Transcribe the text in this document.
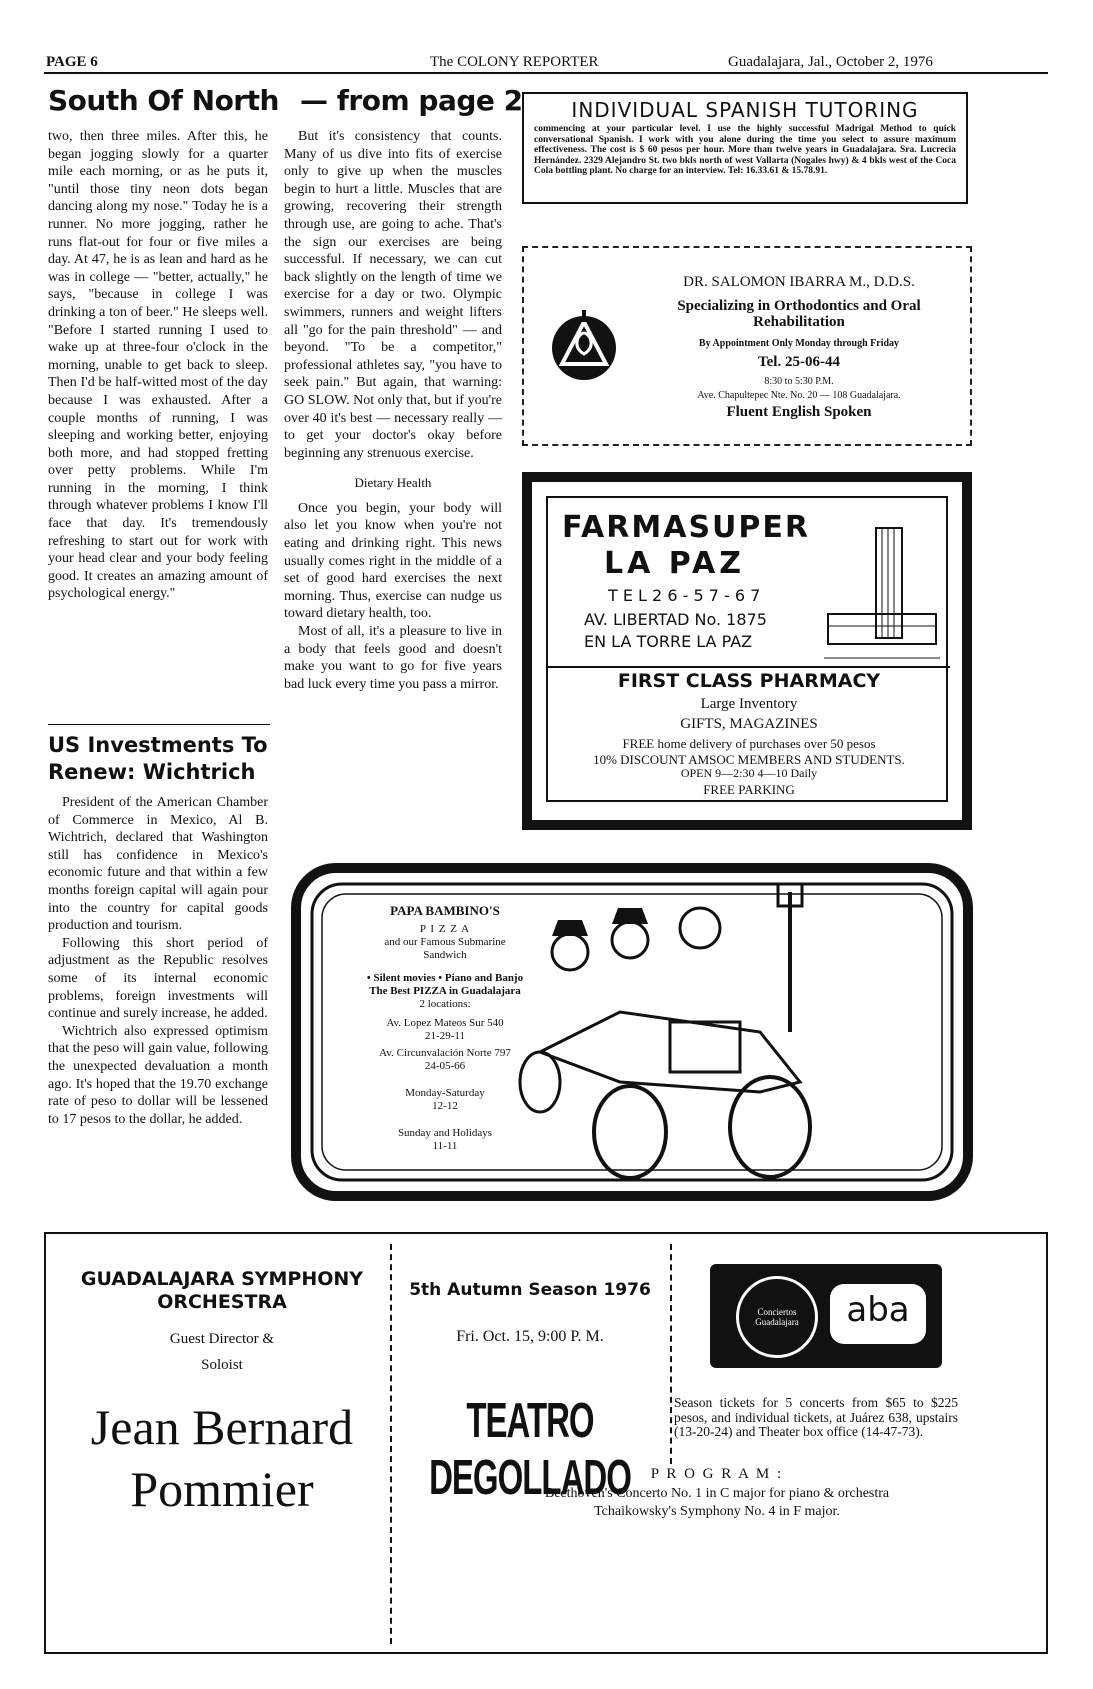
PAGE 6	The COLONY REPORTER	Guadalajara, Jal., October 2, 1976
South Of North — from page 2

two, then three miles. After this, he began jogging slowly for a quarter mile each morning, or as he puts it, "until those tiny neon dots began dancing along my nose." Today he is a runner. No more jogging, rather he runs flat-out for four or five miles a day. At 47, he is as lean and hard as he was in college — "better, actually," he says, "because in college I was drinking a ton of beer." He sleeps well. "Before I started running I used to wake up at three-four o'clock in the morning, unable to get back to sleep. Then I'd be half-witted most of the day because I was exhausted. After a couple months of running, I was sleeping and working better, enjoying both more, and had stopped fretting over petty problems. While I'm running in the morning, I think through whatever problems I know I'll face that day. It's tremendously refreshing to start out for work with your head clear and your body feeling good. It creates an amazing amount of psychological energy."

US Investments To Renew: Wichtrich

President of the American Chamber of Commerce in Mexico, Al B. Wichtrich, declared that Washington still has confidence in Mexico's economic future and that within a few months foreign capital will again pour into the country for capital goods production and tourism.

Following this short period of adjustment as the Republic resolves some of its internal economic problems, foreign investments will continue and surely increase, he added.

Wichtrich also expressed optimism that the peso will gain value, following the unexpected devaluation a month ago. It's hoped that the 19.70 exchange rate of peso to dollar will be lessened to 17 pesos to the dollar, he added.

But it's consistency that counts. Many of us dive into fits of exercise only to give up when the muscles begin to hurt a little. Muscles that are growing, recovering their strength through use, are going to ache. That's the sign our exercises are being successful. If necessary, we can cut back slightly on the length of time we exercise for a day or two. Olympic swimmers, runners and weight lifters all "go for the pain threshold" — and beyond. "To be a competitor," professional athletes say, "you have to seek pain." But again, that warning: GO SLOW. Not only that, but if you're over 40 it's best — necessary really — to get your doctor's okay before beginning any strenuous exercise.

Dietary Health

Once you begin, your body will also let you know when you're not eating and drinking right. This news usually comes right in the middle of a set of good hard exercises the next morning. Thus, exercise can nudge us toward dietary health, too.

Most of all, it's a pleasure to live in a body that feels good and doesn't make you want to go for five years bad luck every time you pass a mirror.

INDIVIDUAL SPANISH TUTORING
commencing at your particular level. I use the highly successful Madrigal Method to quick conversational Spanish. I work with you alone during the time you select to assure maximum effectiveness. The cost is $ 60 pesos per hour. More than twelve years in Guadalajara. Sra. Lucrecia Hernández. 2329 Alejandro St. two bkls north of west Vallarta (Nogales hwy) & 4 bkls west of the Coca Cola bottling plant. No charge for an interview. Tel: 16.33.61 & 15.78.91.
DR. SALOMON IBARRA M., D.D.S.
Specializing in Orthodontics and Oral Rehabilitation
By Appointment Only Monday through Friday
Tel. 25-06-44
8:30 to 5:30 P.M.
Ave. Chapultepec Nte. No. 20 — 108 Guadalajara.
Fluent English Spoken
FARMASUPER
LA PAZ
T E L 2 6 - 5 7 - 6 7
AV. LIBERTAD No. 1875
EN LA TORRE LA PAZ
FIRST CLASS PHARMACY
Large Inventory
GIFTS, MAGAZINES
FREE home delivery of purchases over 50 pesos
10% DISCOUNT AMSOC MEMBERS AND STUDENTS.
OPEN 9—2:30 4—10 Daily
FREE PARKING
PAPA BAMBINO'S
P I Z Z A
and our Famous Submarine Sandwich
• Silent movies • Piano and Banjo
The Best PIZZA in Guadalajara
2 locations:
Av. Lopez Mateos Sur 540
21-29-11
Av. Circunvalación Norte 797
24-05-66
Monday-Saturday
12-12
Sunday and Holidays
11-11
GUADALAJARA SYMPHONY
ORCHESTRA
Guest Director &
Soloist
Jean Bernard
Pommier
5th Autumn Season 1976
Fri. Oct. 15, 9:00 P. M.
TEATRO DEGOLLADO
Conciertos Guadalajara	aba
Season tickets for 5 concerts from $65 to $225 pesos, and individual tickets, at Juárez 638, upstairs (13-20-24) and Theater box office (14-47-73).
P R O G R A M :
Beethoven's Concerto No. 1 in C major for piano & orchestra
Tchaikowsky's Symphony No. 4 in F major.
